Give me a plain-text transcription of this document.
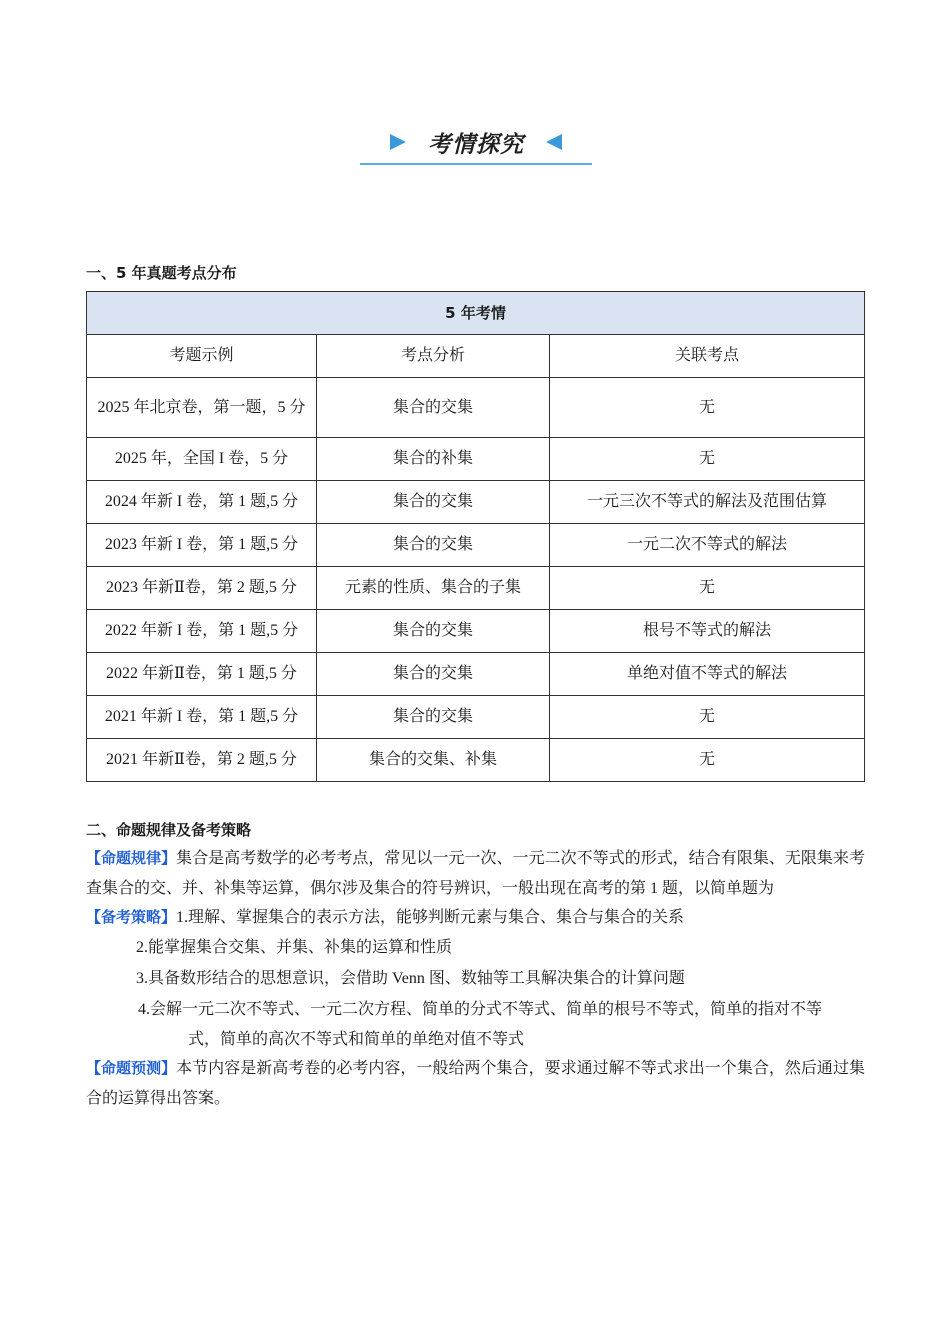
考情探究
一、5 年真题考点分布
5 年考情		
考题示例	考点分析	关联考点
2025 年北京卷，第一题，5 分	集合的交集	无
2025 年，全国 I 卷，5 分	集合的补集	无
2024 年新 I 卷，第 1 题,5 分	集合的交集	一元三次不等式的解法及范围估算
2023 年新 I 卷，第 1 题,5 分	集合的交集	一元二次不等式的解法
2023 年新Ⅱ卷，第 2 题,5 分	元素的性质、集合的子集	无
2022 年新 I 卷，第 1 题,5 分	集合的交集	根号不等式的解法
2022 年新Ⅱ卷，第 1 题,5 分	集合的交集	单绝对值不等式的解法
2021 年新 I 卷，第 1 题,5 分	集合的交集	无
2021 年新Ⅱ卷，第 2 题,5 分	集合的交集、补集	无
二、命题规律及备考策略
【命题规律】集合是高考数学的必考考点，常见以一元一次、一元二次不等式的形式，结合有限集、无限集来考查集合的交、并、补集等运算，偶尔涉及集合的符号辨识，一般出现在高考的第 1 题，以简单题为
【备考策略】1.理解、掌握集合的表示方法，能够判断元素与集合、集合与集合的关系
2.能掌握集合交集、并集、补集的运算和性质
3.具备数形结合的思想意识，会借助 Venn 图、数轴等工具解决集合的计算问题
4.会解一元二次不等式、一元二次方程、简单的分式不等式、简单的根号不等式，简单的指对不等
式，简单的高次不等式和简单的单绝对值不等式
【命题预测】本节内容是新高考卷的必考内容，一般给两个集合，要求通过解不等式求出一个集合，然后通过集合的运算得出答案。
